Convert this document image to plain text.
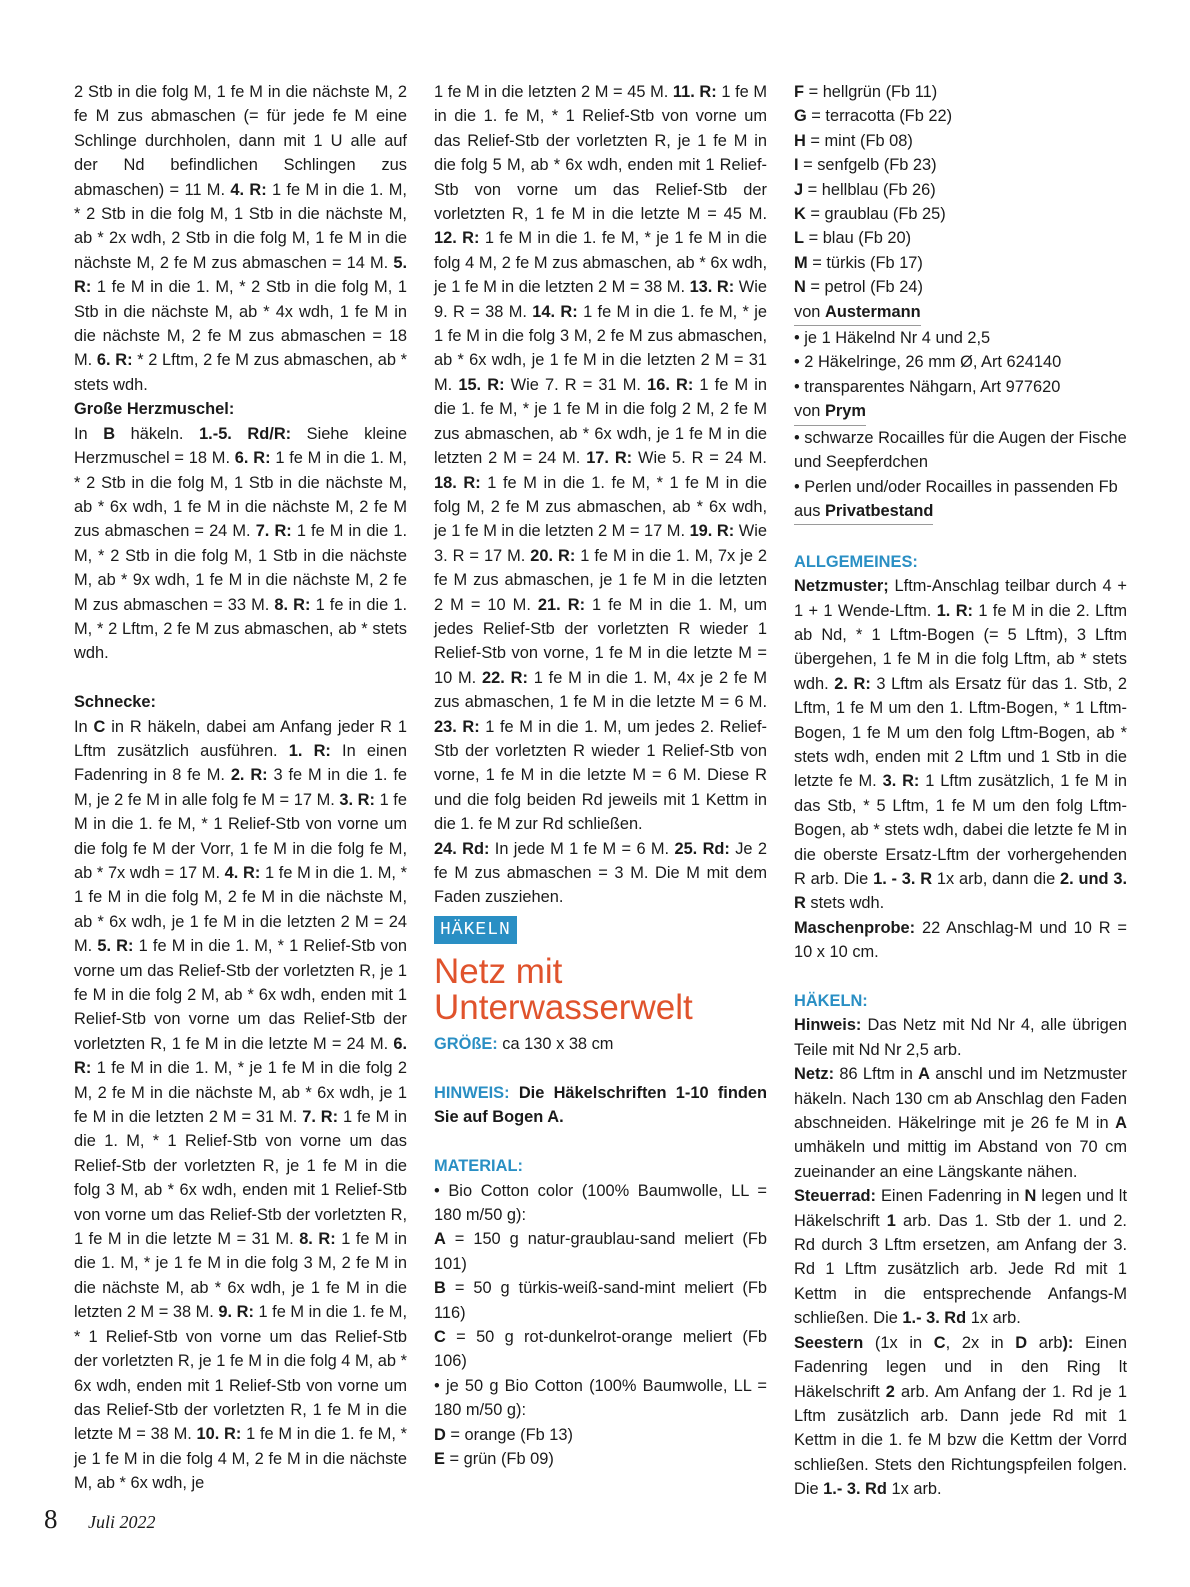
2 Stb in die folg M, 1 fe M in die nächste M, 2 fe M zus abmaschen (= für jede fe M eine Schlinge durchholen, dann mit 1 U alle auf der Nd befindlichen Schlingen zus abmaschen) = 11 M. 4. R: 1 fe M in die 1. M, * 2 Stb in die folg M, 1 Stb in die nächste M, ab * 2x wdh, 2 Stb in die folg M, 1 fe M in die nächste M, 2 fe M zus abmaschen = 14 M. 5. R: 1 fe M in die 1. M, * 2 Stb in die folg M, 1 Stb in die nächste M, ab * 4x wdh, 1 fe M in die nächste M, 2 fe M zus abmaschen = 18 M. 6. R: * 2 Lftm, 2 fe M zus abmaschen, ab * stets wdh.

Große Herzmuschel:

In B häkeln. 1.-5. Rd/R: Siehe kleine Herzmuschel = 18 M. 6. R: 1 fe M in die 1. M, * 2 Stb in die folg M, 1 Stb in die nächste M, ab * 6x wdh, 1 fe M in die nächste M, 2 fe M zus abmaschen = 24 M. 7. R: 1 fe M in die 1. M, * 2 Stb in die folg M, 1 Stb in die nächste M, ab * 9x wdh, 1 fe M in die nächste M, 2 fe M zus abmaschen = 33 M. 8. R: 1 fe in die 1. M, * 2 Lftm, 2 fe M zus abmaschen, ab * stets wdh.

Schnecke:

In C in R häkeln, dabei am Anfang jeder R 1 Lftm zusätzlich ausführen. 1. R: In einen Fadenring in 8 fe M. 2. R: 3 fe M in die 1. fe M, je 2 fe M in alle folg fe M = 17 M. 3. R: 1 fe M in die 1. fe M, * 1 Relief-Stb von vorne um die folg fe M der Vorr, 1 fe M in die folg fe M, ab * 7x wdh = 17 M. 4. R: 1 fe M in die 1. M, * 1 fe M in die folg M, 2 fe M in die nächste M, ab * 6x wdh, je 1 fe M in die letzten 2 M = 24 M. 5. R: 1 fe M in die 1. M, * 1 Relief-Stb von vorne um das Relief-Stb der vorletzten R, je 1 fe M in die folg 2 M, ab * 6x wdh, enden mit 1 Relief-Stb von vorne um das Relief-Stb der vorletzten R, 1 fe M in die letzte M = 24 M. 6. R: 1 fe M in die 1. M, * je 1 fe M in die folg 2 M, 2 fe M in die nächste M, ab * 6x wdh, je 1 fe M in die letzten 2 M = 31 M. 7. R: 1 fe M in die 1. M, * 1 Relief-Stb von vorne um das Relief-Stb der vorletzten R, je 1 fe M in die folg 3 M, ab * 6x wdh, enden mit 1 Relief-Stb von vorne um das Relief-Stb der vorletzten R, 1 fe M in die letzte M = 31 M. 8. R: 1 fe M in die 1. M, * je 1 fe M in die folg 3 M, 2 fe M in die nächste M, ab * 6x wdh, je 1 fe M in die letzten 2 M = 38 M. 9. R: 1 fe M in die 1. fe M, * 1 Relief-Stb von vorne um das Relief-Stb der vorletzten R, je 1 fe M in die folg 4 M, ab * 6x wdh, enden mit 1 Relief-Stb von vorne um das Relief-Stb der vorletzten R, 1 fe M in die letzte M = 38 M. 10. R: 1 fe M in die 1. fe M, * je 1 fe M in die folg 4 M, 2 fe M in die nächste M, ab * 6x wdh, je

1 fe M in die letzten 2 M = 45 M. 11. R: 1 fe M in die 1. fe M, * 1 Relief-Stb von vorne um das Relief-Stb der vorletzten R, je 1 fe M in die folg 5 M, ab * 6x wdh, enden mit 1 Relief-Stb von vorne um das Relief-Stb der vorletzten R, 1 fe M in die letzte M = 45 M. 12. R: 1 fe M in die 1. fe M, * je 1 fe M in die folg 4 M, 2 fe M zus abmaschen, ab * 6x wdh, je 1 fe M in die letzten 2 M = 38 M. 13. R: Wie 9. R = 38 M. 14. R: 1 fe M in die 1. fe M, * je 1 fe M in die folg 3 M, 2 fe M zus abmaschen, ab * 6x wdh, je 1 fe M in die letzten 2 M = 31 M. 15. R: Wie 7. R = 31 M. 16. R: 1 fe M in die 1. fe M, * je 1 fe M in die folg 2 M, 2 fe M zus abmaschen, ab * 6x wdh, je 1 fe M in die letzten 2 M = 24 M. 17. R: Wie 5. R = 24 M. 18. R: 1 fe M in die 1. fe M, * 1 fe M in die folg M, 2 fe M zus abmaschen, ab * 6x wdh, je 1 fe M in die letzten 2 M = 17 M. 19. R: Wie 3. R = 17 M. 20. R: 1 fe M in die 1. M, 7x je 2 fe M zus abmaschen, je 1 fe M in die letzten 2 M = 10 M. 21. R: 1 fe M in die 1. M, um jedes Relief-Stb der vorletzten R wieder 1 Relief-Stb von vorne, 1 fe M in die letzte M = 10 M. 22. R: 1 fe M in die 1. M, 4x je 2 fe M zus abmaschen, 1 fe M in die letzte M = 6 M. 23. R: 1 fe M in die 1. M, um jedes 2. Relief-Stb der vorletzten R wieder 1 Relief-Stb von vorne, 1 fe M in die letzte M = 6 M. Diese R und die folg beiden Rd jeweils mit 1 Kettm in die 1. fe M zur Rd schließen.

24. Rd: In jede M 1 fe M = 6 M. 25. Rd: Je 2 fe M zus abmaschen = 3 M. Die M mit dem Faden zusziehen.

HÄKELN
Netz mit
Unterwasserwelt

GRÖßE: ca 130 x 38 cm

HINWEIS: Die Häkelschriften 1-10 finden Sie auf Bogen A.

MATERIAL:

• Bio Cotton color (100% Baumwolle, LL = 180 m/50 g):

A = 150 g natur-graublau-sand meliert (Fb 101)

B = 50 g türkis-weiß-sand-mint meliert (Fb 116)

C = 50 g rot-dunkelrot-orange meliert (Fb 106)

• je 50 g Bio Cotton (100% Baumwolle, LL = 180 m/50 g):

D = orange (Fb 13)

E = grün (Fb 09)

F = hellgrün (Fb 11)

G = terracotta (Fb 22)

H = mint (Fb 08)

I = senfgelb (Fb 23)

J = hellblau (Fb 26)

K = graublau (Fb 25)

L = blau (Fb 20)

M = türkis (Fb 17)

N = petrol (Fb 24)

von Austermann

• je 1 Häkelnd Nr 4 und 2,5

• 2 Häkelringe, 26 mm Ø, Art 624140

• transparentes Nähgarn, Art 977620

von Prym

• schwarze Rocailles für die Augen der Fische und Seepferdchen

• Perlen und/oder Rocailles in passenden Fb

aus Privatbestand

ALLGEMEINES:

Netzmuster; Lftm-Anschlag teilbar durch 4 + 1 + 1 Wende-Lftm. 1. R: 1 fe M in die 2. Lftm ab Nd, * 1 Lftm-Bogen (= 5 Lftm), 3 Lftm übergehen, 1 fe M in die folg Lftm, ab * stets wdh. 2. R: 3 Lftm als Ersatz für das 1. Stb, 2 Lftm, 1 fe M um den 1. Lftm-Bogen, * 1 Lftm-Bogen, 1 fe M um den folg Lftm-Bogen, ab * stets wdh, enden mit 2 Lftm und 1 Stb in die letzte fe M. 3. R: 1 Lftm zusätzlich, 1 fe M in das Stb, * 5 Lftm, 1 fe M um den folg Lftm-Bogen, ab * stets wdh, dabei die letzte fe M in die oberste Ersatz-Lftm der vorhergehenden R arb. Die 1. - 3. R 1x arb, dann die 2. und 3. R stets wdh.

Maschenprobe: 22 Anschlag-M und 10 R = 10 x 10 cm.

HÄKELN:

Hinweis: Das Netz mit Nd Nr 4, alle übrigen Teile mit Nd Nr 2,5 arb.

Netz: 86 Lftm in A anschl und im Netzmuster häkeln. Nach 130 cm ab Anschlag den Faden abschneiden. Häkelringe mit je 26 fe M in A umhäkeln und mittig im Abstand von 70 cm zueinander an eine Längskante nähen.

Steuerrad: Einen Fadenring in N legen und lt Häkelschrift 1 arb. Das 1. Stb der 1. und 2. Rd durch 3 Lftm ersetzen, am Anfang der 3. Rd 1 Lftm zusätzlich arb. Jede Rd mit 1 Kettm in die entsprechende Anfangs-M schließen. Die 1.- 3. Rd 1x arb.

Seestern (1x in C, 2x in D arb): Einen Fadenring legen und in den Ring lt Häkelschrift 2 arb. Am Anfang der 1. Rd je 1 Lftm zusätzlich arb. Dann jede Rd mit 1 Kettm in die 1. fe M bzw die Kettm der Vorrd schließen. Stets den Richtungspfeilen folgen. Die 1.- 3. Rd 1x arb.

8 Juli 2022
